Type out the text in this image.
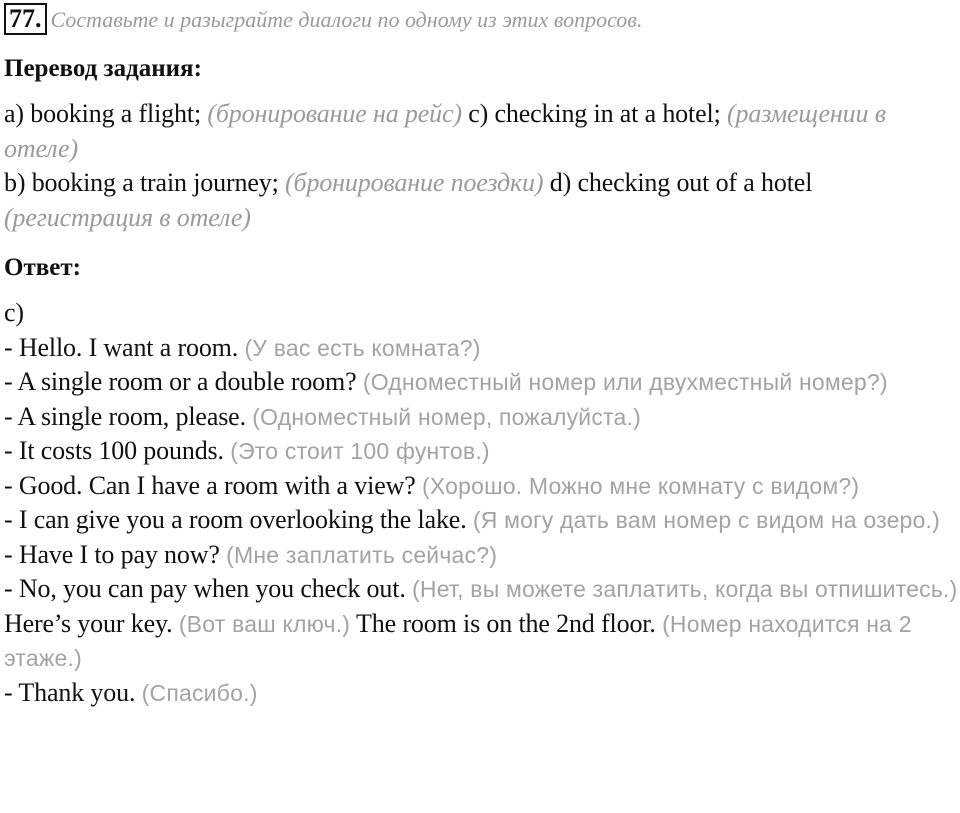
77. Составьте и разыграйте диалоги по одному из этих вопросов.
Перевод задания:
a) booking a flight; (бронирование на рейс) c) checking in at a hotel; (размещении в отеле)
b) booking a train journey; (бронирование поездки) d) checking out of a hotel (регистрация в отеле)
Ответ:
c)
- Hello. I want a room. (У вас есть комната?)
- A single room or a double room? (Одноместный номер или двухместный номер?)
- A single room, please. (Одноместный номер, пожалуйста.)
- It costs 100 pounds. (Это стоит 100 фунтов.)
- Good. Can I have a room with a view? (Хорошо. Можно мне комнату с видом?)
- I can give you a room overlooking the lake. (Я могу дать вам номер с видом на озеро.)
- Have I to pay now? (Мне заплатить сейчас?)
- No, you can pay when you check out. (Нет, вы можете заплатить, когда вы отпишитесь.) Here’s your key. (Вот ваш ключ.) The room is on the 2nd floor. (Номер находится на 2 этаже.)
- Thank you. (Спасибо.)
